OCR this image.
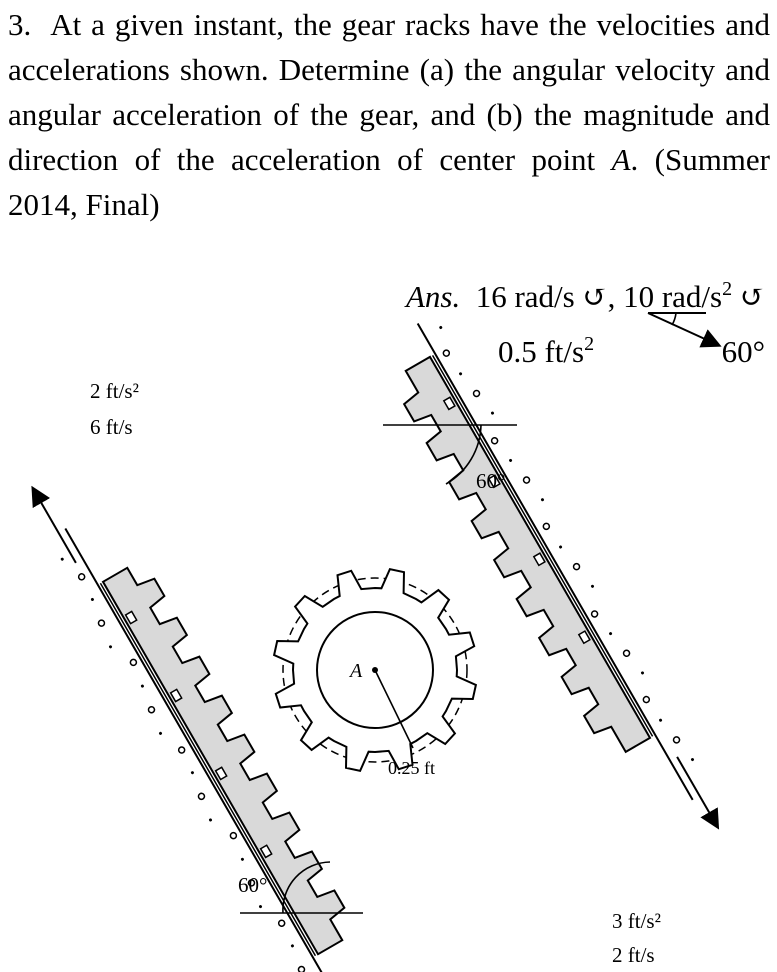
3. At a given instant, the gear racks have the velocities and accelerations shown. Determine (a) the angular velocity and angular acceleration of the gear, and (b) the magnitude and direction of the acceleration of center point A. (Summer 2014, Final)
Ans. 16 rad/s ↺, 10 rad/$s^2$ ↺
0.5 $ft/s^2$	60°
2 ft/s²
6 ft/s
60°
60°
A
0.25 ft
3 ft/s²
2 ft/s
